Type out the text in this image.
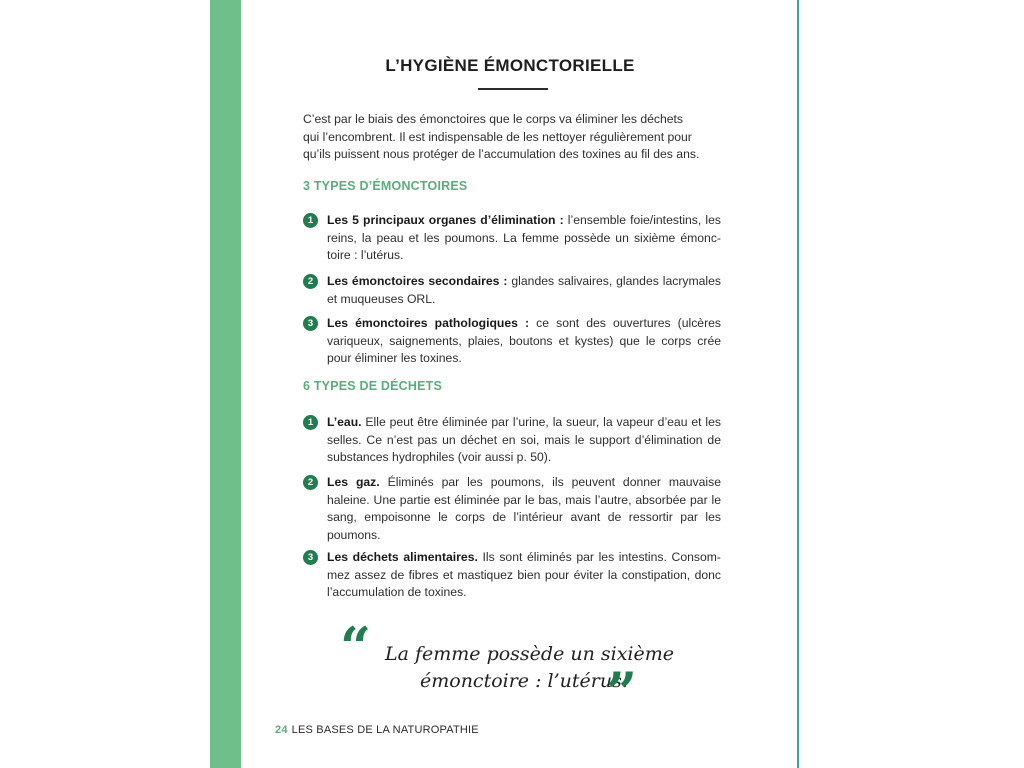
L’HYGIÈNE ÉMONCTORIELLE
C’est par le biais des émonctoires que le corps va éliminer les déchets
qui l’encombrent. Il est indispensable de les nettoyer régulièrement pour
qu’ils puissent nous protéger de l’accumulation des toxines au fil des ans.
3 TYPES D’ÉMONCTOIRES
1	Les 5 principaux organes d’élimination : l’ensemble foie/intestins, les reins, la peau et les poumons. La femme possède un sixième émonc-toire : l’utérus.
2	Les émonctoires secondaires : glandes salivaires, glandes lacrymales et muqueuses ORL.
3	Les émonctoires pathologiques : ce sont des ouvertures (ulcères variqueux, saignements, plaies, boutons et kystes) que le corps crée pour éliminer les toxines.
6 TYPES DE DÉCHETS
1	L’eau. Elle peut être éliminée par l’urine, la sueur, la vapeur d’eau et les selles. Ce n’est pas un déchet en soi, mais le support d’élimination de substances hydrophiles (voir aussi p. 50).
2	Les gaz. Éliminés par les poumons, ils peuvent donner mauvaise haleine. Une partie est éliminée par le bas, mais l’autre, absorbée par le sang, empoisonne le corps de l’intérieur avant de ressortir par les poumons.
3	Les déchets alimentaires. Ils sont éliminés par les intestins. Consom-mez assez de fibres et mastiquez bien pour éviter la constipation, donc l’accumulation de toxines.
“ La femme possède un sixième
émonctoire : l’utérus.
”
24 LES BASES DE LA NATUROPATHIE
